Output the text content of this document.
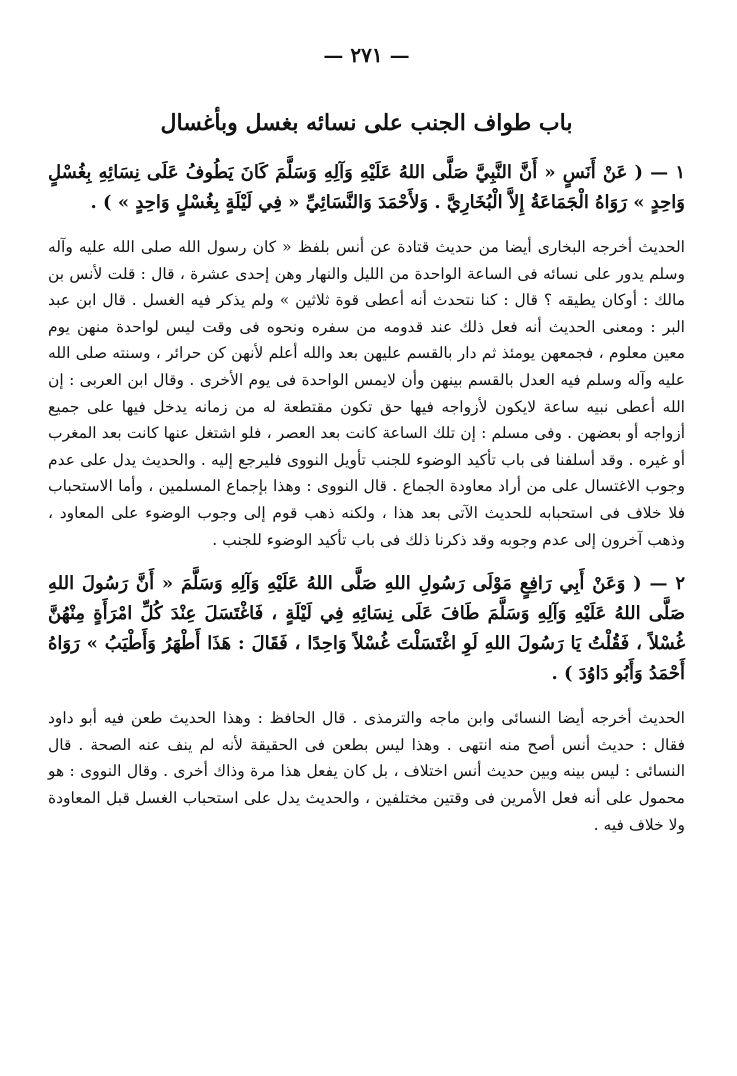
— ٢٧١ —
باب طواف الجنب على نسائه بغسل وبأغسال

١ — ( عَنْ أَنَسٍ « أَنَّ النَّبِيَّ صَلَّى اللهُ عَلَيْهِ وَآلِهِ وَسَلَّمَ كَانَ يَطُوفُ عَلَى نِسَائِهِ بِغُسْلٍ وَاحِدٍ » رَوَاهُ الْجَمَاعَةُ إِلاَّ الْبُخَارِيَّ . وَلأَحْمَدَ وَالنَّسَائِيِّ « فِي لَيْلَةٍ بِغُسْلٍ وَاحِدٍ » ) .

الحديث أخرجه البخارى أيضا من حديث قتادة عن أنس بلفظ « كان رسول الله صلى الله عليه وآله وسلم يدور على نسائه فى الساعة الواحدة من الليل والنهار وهن إحدى عشرة ، قال : قلت لأنس بن مالك : أوكان يطيقه ؟ قال : كنا نتحدث أنه أعطى قوة ثلاثين » ولم يذكر فيه الغسل . قال ابن عبد البر : ومعنى الحديث أنه فعل ذلك عند قدومه من سفره ونحوه فى وقت ليس لواحدة منهن يوم معين معلوم ، فجمعهن يومئذ ثم دار بالقسم عليهن بعد والله أعلم لأنهن كن حرائر ، وسنته صلى الله عليه وآله وسلم فيه العدل بالقسم بينهن وأن لايمس الواحدة فى يوم الأخرى . وقال ابن العربى : إن الله أعطى نبيه ساعة لايكون لأزواجه فيها حق تكون مقتطعة له من زمانه يدخل فيها على جميع أزواجه أو بعضهن . وفى مسلم : إن تلك الساعة كانت بعد العصر ، فلو اشتغل عنها كانت بعد المغرب أو غيره . وقد أسلفنا فى باب تأكيد الوضوء للجنب تأويل النووى فليرجع إليه . والحديث يدل على عدم وجوب الاغتسال على من أراد معاودة الجماع . قال النووى : وهذا بإجماع المسلمين ، وأما الاستحباب فلا خلاف فى استحبابه للحديث الآتى بعد هذا ، ولكنه ذهب قوم إلى وجوب الوضوء على المعاود ، وذهب آخرون إلى عدم وجوبه وقد ذكرنا ذلك فى باب تأكيد الوضوء للجنب .

٢ — ( وَعَنْ أَبِي رَافِعٍ مَوْلَى رَسُولِ اللهِ صَلَّى اللهُ عَلَيْهِ وَآلِهِ وَسَلَّمَ « أَنَّ رَسُولَ اللهِ صَلَّى اللهُ عَلَيْهِ وَآلِهِ وَسَلَّمَ طَافَ عَلَى نِسَائِهِ فِي لَيْلَةٍ ، فَاغْتَسَلَ عِنْدَ كُلِّ امْرَأَةٍ مِنْهُنَّ غُسْلاً ، فَقُلْتُ يَا رَسُولَ اللهِ لَوِ اغْتَسَلْتَ غُسْلاً وَاحِدًا ، فَقَالَ : هَذَا أَطْهَرُ وَأَطْيَبُ » رَوَاهُ أَحْمَدُ وَأَبُو دَاوُدَ ) .

الحديث أخرجه أيضا النسائى وابن ماجه والترمذى . قال الحافظ : وهذا الحديث طعن فيه أبو داود فقال : حديث أنس أصح منه انتهى . وهذا ليس بطعن فى الحقيقة لأنه لم ينف عنه الصحة . قال النسائى : ليس بينه وبين حديث أنس اختلاف ، بل كان يفعل هذا مرة وذاك أخرى . وقال النووى : هو محمول على أنه فعل الأمرين فى وقتين مختلفين ، والحديث يدل على استحباب الغسل قبل المعاودة ولا خلاف فيه .
